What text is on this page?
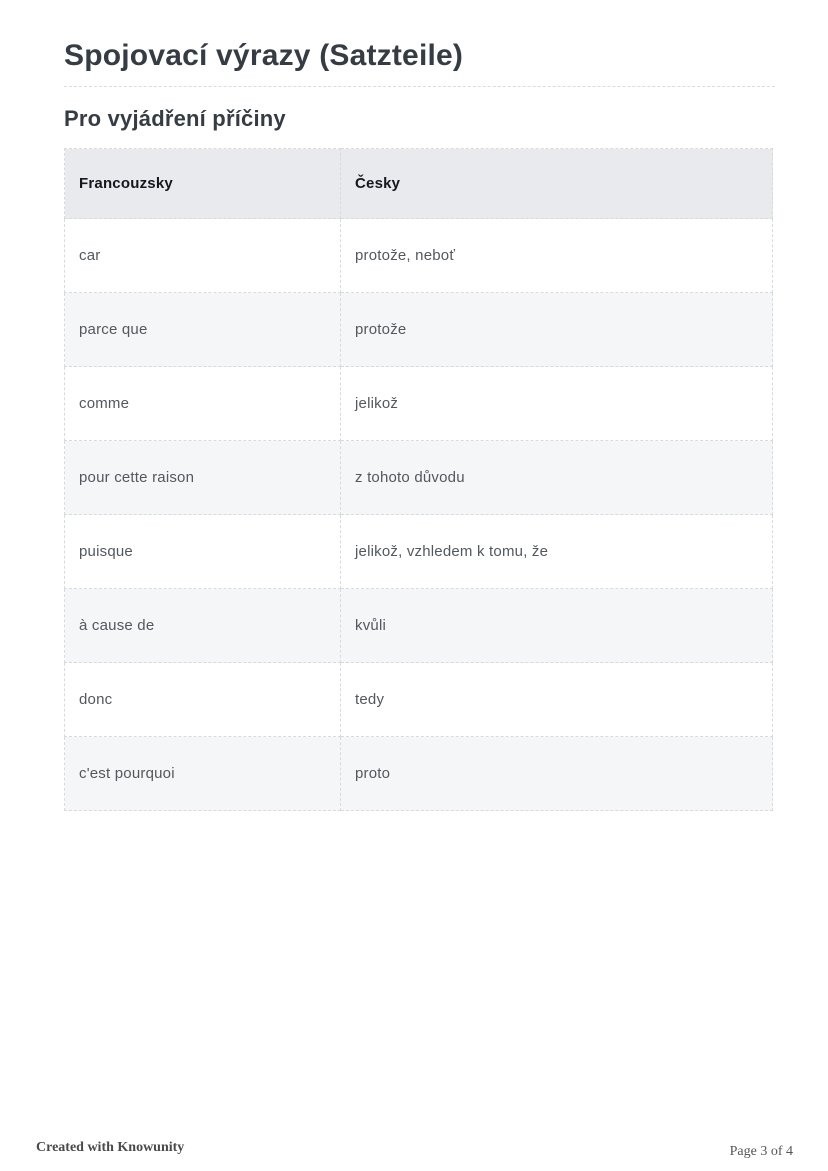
Spojovací výrazy (Satzteile)
Pro vyjádření příčiny
Francouzsky	Česky
car	protože, neboť
parce que	protože
comme	jelikož
pour cette raison	z tohoto důvodu
puisque	jelikož, vzhledem k tomu, že
à cause de	kvůli
donc	tedy
c'est pourquoi	proto
Created with Knowunity	Page 3 of 4
